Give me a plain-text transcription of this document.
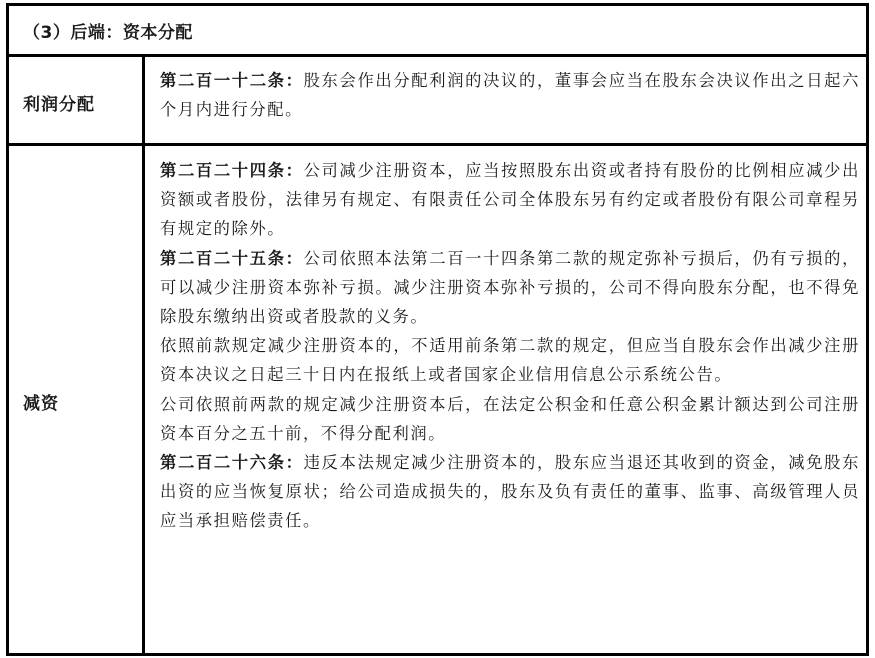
（3）后端：资本分配
利润分配

第二百一十二条：股东会作出分配利润的决议的，董事会应当在股东会决议作出之日起六个月内进行分配。

减资

第二百二十四条：公司减少注册资本，应当按照股东出资或者持有股份的比例相应减少出资额或者股份，法律另有规定、有限责任公司全体股东另有约定或者股份有限公司章程另有规定的除外。

第二百二十五条：公司依照本法第二百一十四条第二款的规定弥补亏损后，仍有亏损的，可以减少注册资本弥补亏损。减少注册资本弥补亏损的，公司不得向股东分配，也不得免除股东缴纳出资或者股款的义务。

依照前款规定减少注册资本的，不适用前条第二款的规定，但应当自股东会作出减少注册资本决议之日起三十日内在报纸上或者国家企业信用信息公示系统公告。

公司依照前两款的规定减少注册资本后，在法定公积金和任意公积金累计额达到公司注册资本百分之五十前，不得分配利润。

第二百二十六条：违反本法规定减少注册资本的，股东应当退还其收到的资金，减免股东出资的应当恢复原状；给公司造成损失的，股东及负有责任的董事、监事、高级管理人员应当承担赔偿责任。
